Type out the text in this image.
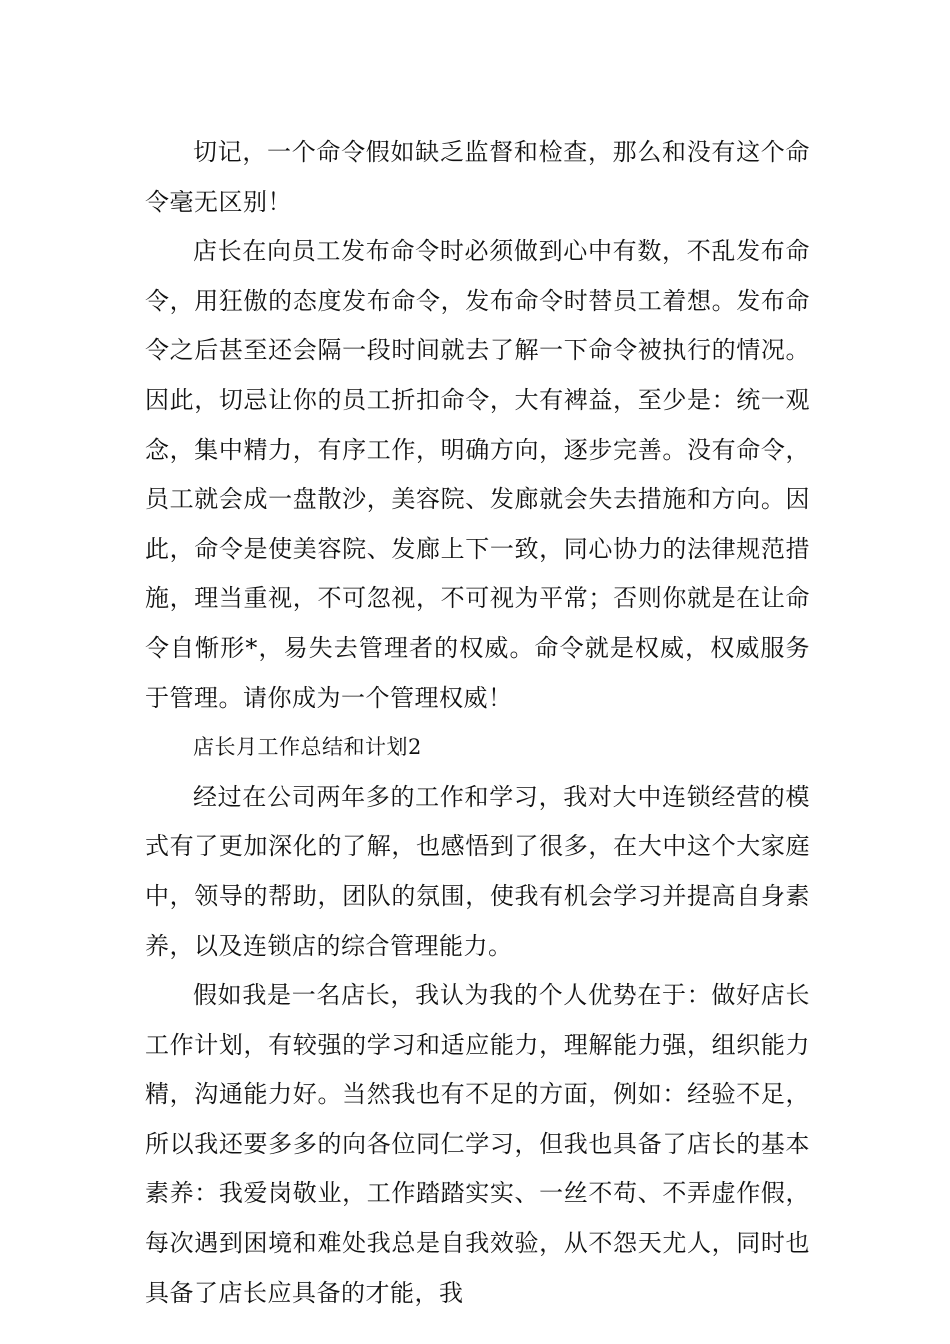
切记，一个命令假如缺乏监督和检查，那么和没有这个命令毫无区别！

店长在向员工发布命令时必须做到心中有数，不乱发布命令，用狂傲的态度发布命令，发布命令时替员工着想。发布命令之后甚至还会隔一段时间就去了解一下命令被执行的情况。因此，切忌让你的员工折扣命令，大有裨益，至少是：统一观念，集中精力，有序工作，明确方向，逐步完善。没有命令，员工就会成一盘散沙，美容院、发廊就会失去措施和方向。因此，命令是使美容院、发廊上下一致，同心协力的法律规范措施，理当重视，不可忽视，不可视为平常；否则你就是在让命令自惭形*，易失去管理者的权威。命令就是权威，权威服务于管理。请你成为一个管理权威！

店长月工作总结和计划2

经过在公司两年多的工作和学习，我对大中连锁经营的模式有了更加深化的了解，也感悟到了很多，在大中这个大家庭中，领导的帮助，团队的氛围，使我有机会学习并提高自身素养，以及连锁店的综合管理能力。

假如我是一名店长，我认为我的个人优势在于：做好店长工作计划，有较强的学习和适应能力，理解能力强，组织能力精，沟通能力好。当然我也有不足的方面，例如：经验不足，所以我还要多多的向各位同仁学习，但我也具备了店长的基本素养：我爱岗敬业，工作踏踏实实、一丝不苟、不弄虚作假，每次遇到困境和难处我总是自我效验，从不怨天尤人，同时也具备了店长应具备的才能，我
